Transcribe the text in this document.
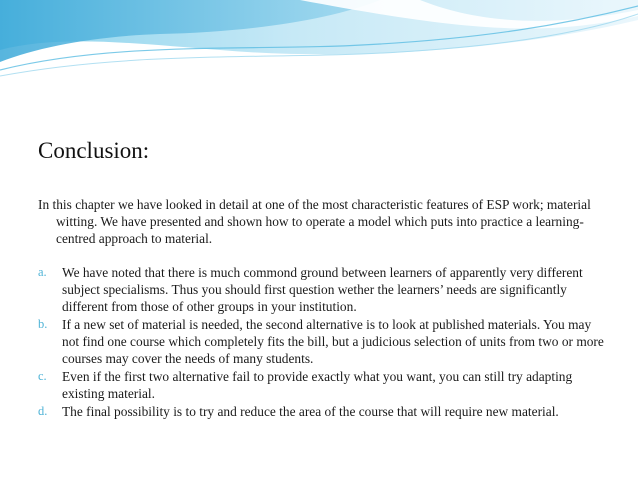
Conclusion:
In this chapter we have looked in detail at one of the most characteristic features of ESP work; material witting. We have presented and shown how to operate a model which puts into practice a learning-centred approach to material.
a. We have noted that there is much commond ground between learners of apparently very different subject specialisms. Thus you should first question wether the learners’ needs are significantly different from those of other groups in your institution.
b. If a new set of material is needed, the second alternative is to look at published materials. You may not find one course which completely fits the bill, but a judicious selection of units from two or more courses may cover the needs of many students.
c. Even if the first two alternative fail to provide exactly what you want, you can still try adapting existing material.
d. The final possibility is to try and reduce the area of the course that will require new material.
